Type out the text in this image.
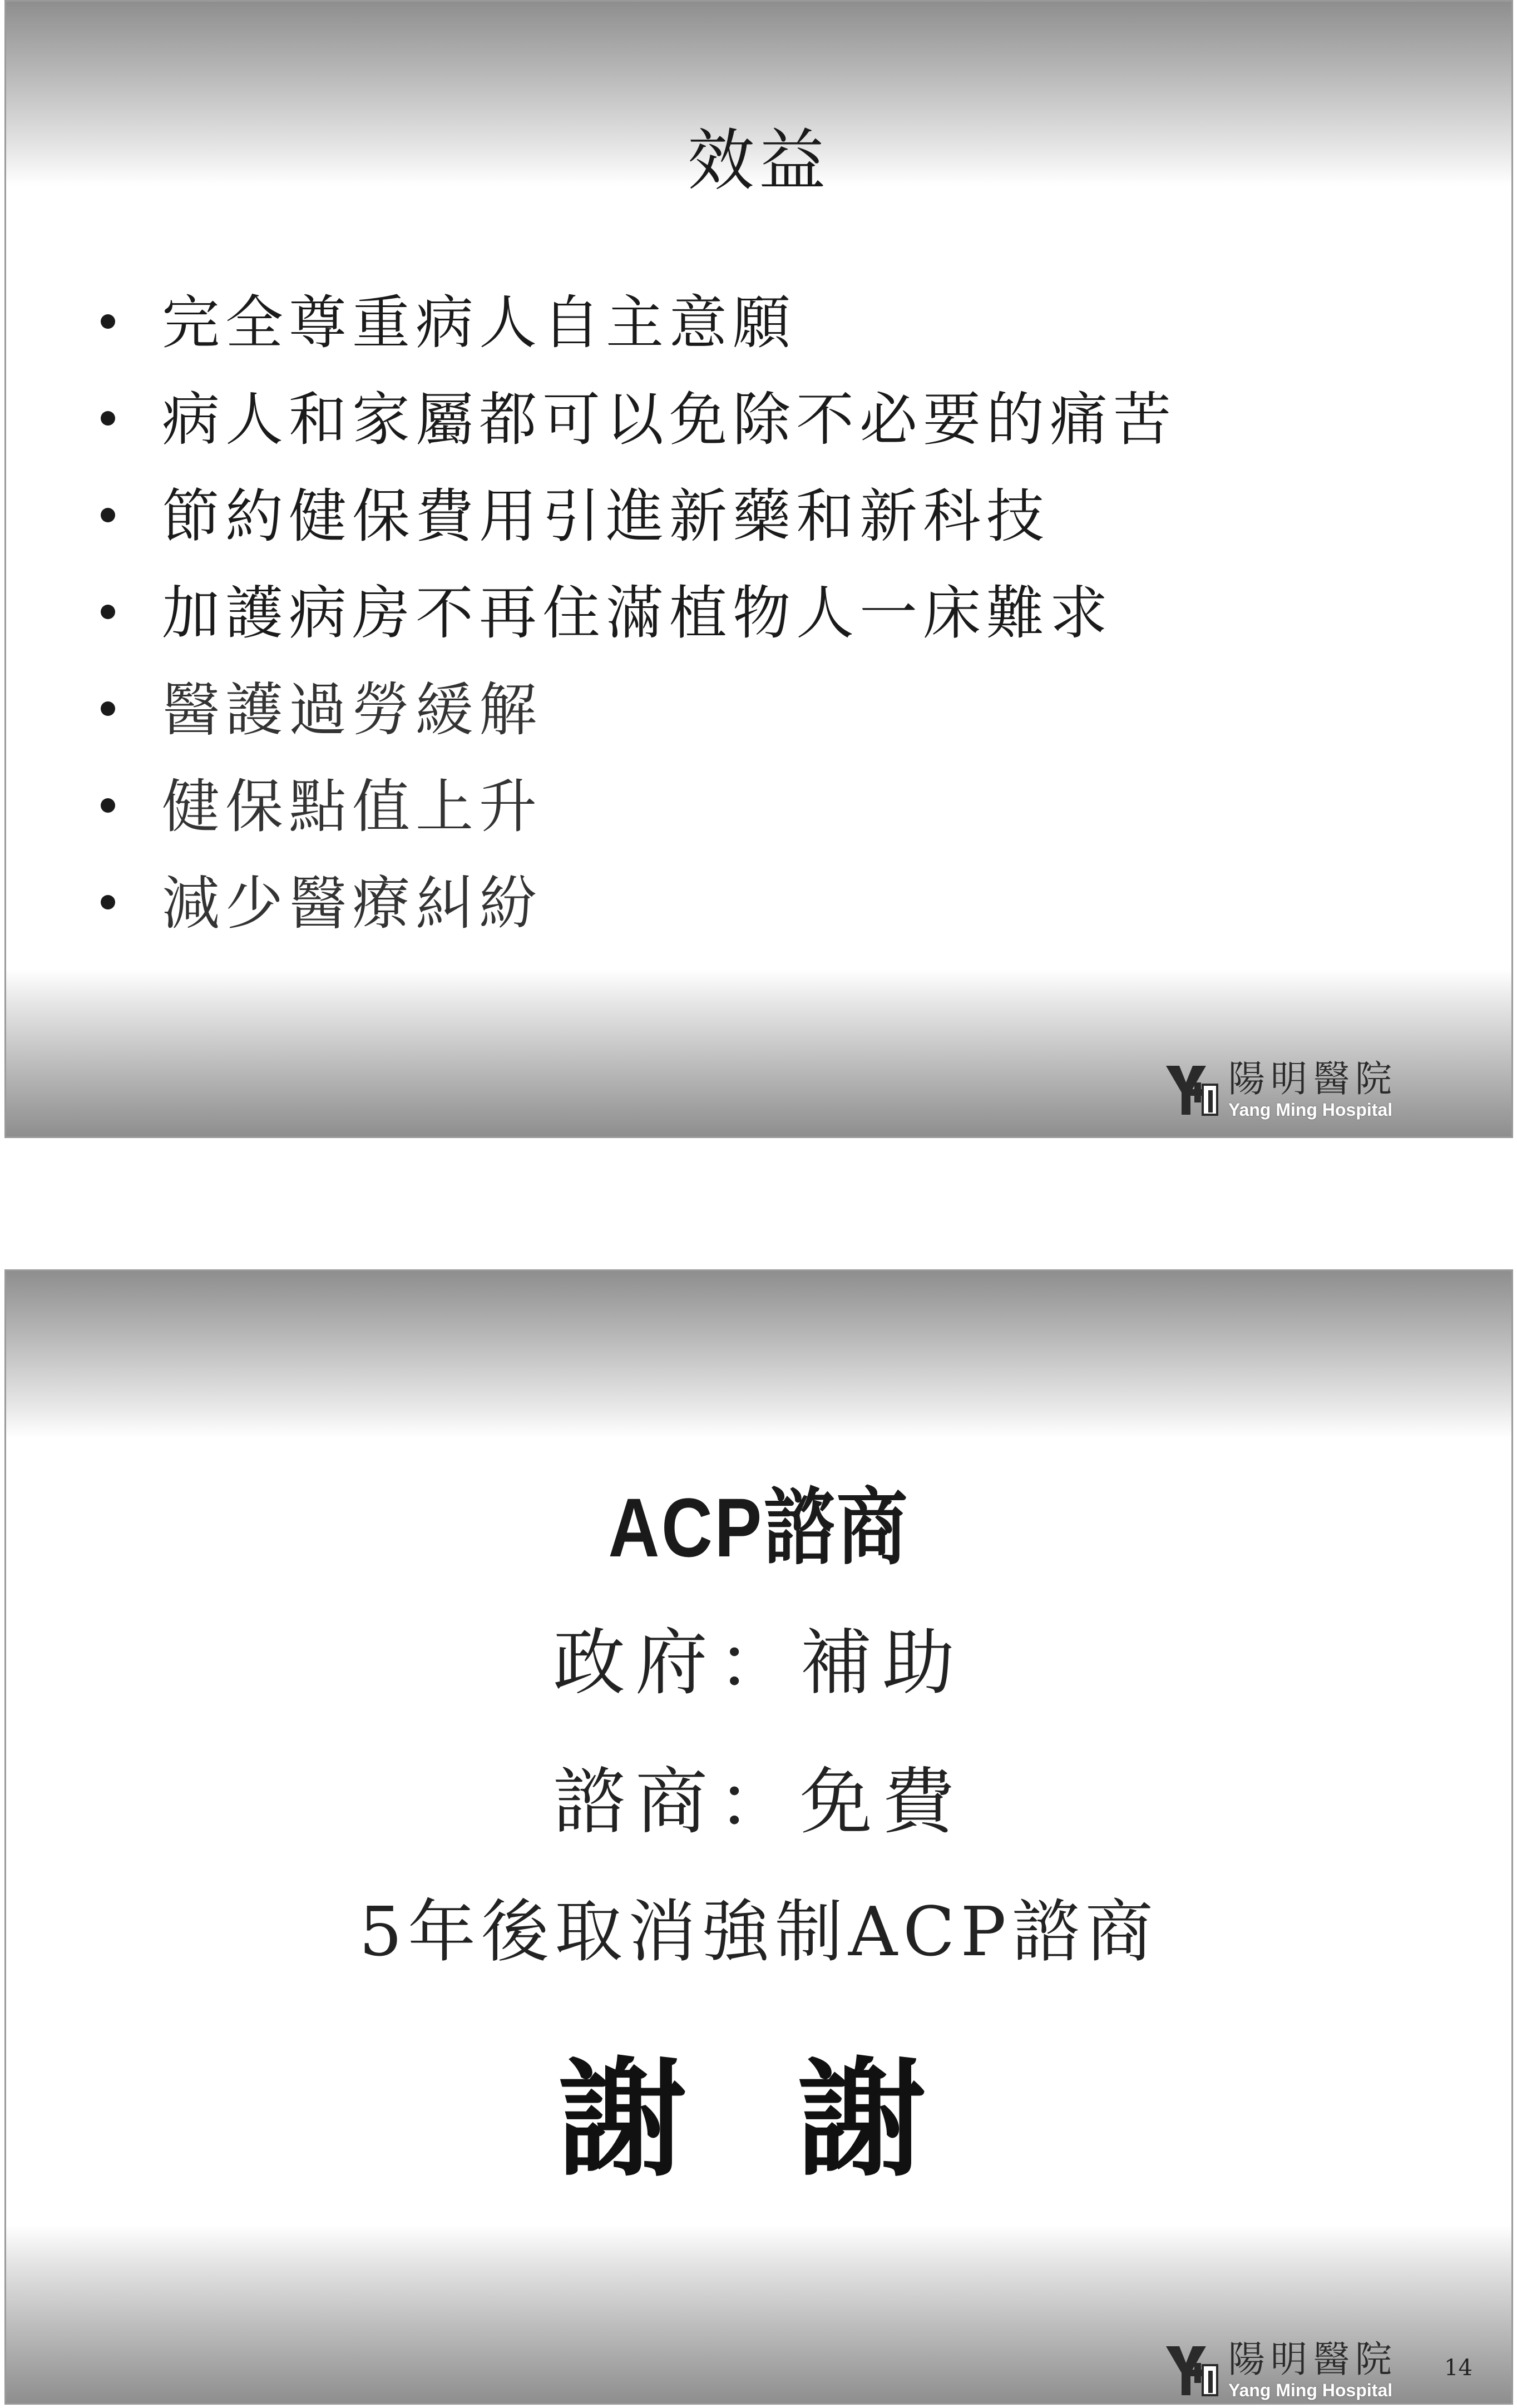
效益
完全尊重病人自主意願
病人和家屬都可以免除不必要的痛苦
節約健保費用引進新藥和新科技
加護病房不再住滿植物人一床難求
醫護過勞緩解
健保點值上升
減少醫療糾紛
陽明醫院
Yang Ming Hospital
ACP諮商

政府：補助

諮商：免費

5年後取消強制ACP諮商

謝 謝

陽明醫院
Yang Ming Hospital
14
